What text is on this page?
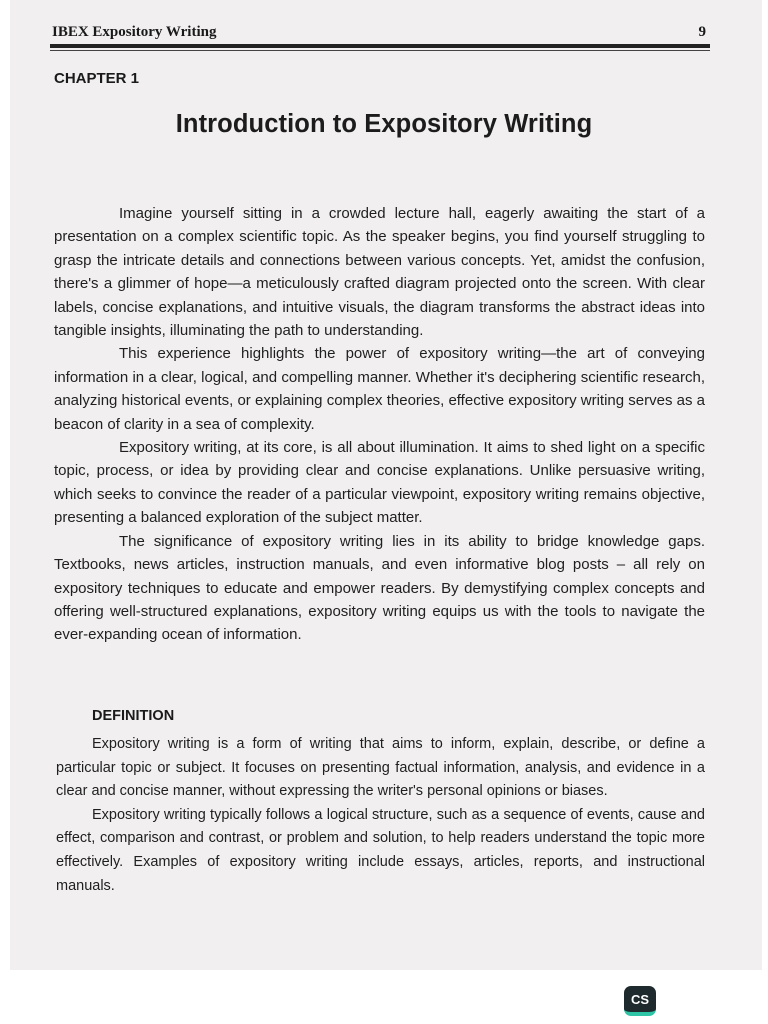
IBEX Expository Writing	9
CHAPTER 1
Introduction to Expository Writing

Imagine yourself sitting in a crowded lecture hall, eagerly awaiting the start of a presentation on a complex scientific topic. As the speaker begins, you find yourself struggling to grasp the intricate details and connections between various concepts. Yet, amidst the confusion, there's a glimmer of hope—a meticulously crafted diagram projected onto the screen. With clear labels, concise explanations, and intuitive visuals, the diagram transforms the abstract ideas into tangible insights, illuminating the path to understanding.

This experience highlights the power of expository writing—the art of conveying information in a clear, logical, and compelling manner. Whether it's deciphering scientific research, analyzing historical events, or explaining complex theories, effective expository writing serves as a beacon of clarity in a sea of complexity.

Expository writing, at its core, is all about illumination. It aims to shed light on a specific topic, process, or idea by providing clear and concise explanations. Unlike persuasive writing, which seeks to convince the reader of a particular viewpoint, expository writing remains objective, presenting a balanced exploration of the subject matter.

The significance of expository writing lies in its ability to bridge knowledge gaps. Textbooks, news articles, instruction manuals, and even informative blog posts – all rely on expository techniques to educate and empower readers. By demystifying complex concepts and offering well-structured explanations, expository writing equips us with the tools to navigate the ever-expanding ocean of information.

DEFINITION

Expository writing is a form of writing that aims to inform, explain, describe, or define a particular topic or subject. It focuses on presenting factual information, analysis, and evidence in a clear and concise manner, without expressing the writer's personal opinions or biases.

Expository writing typically follows a logical structure, such as a sequence of events, cause and effect, comparison and contrast, or problem and solution, to help readers understand the topic more effectively. Examples of expository writing include essays, articles, reports, and instructional manuals.

CS
